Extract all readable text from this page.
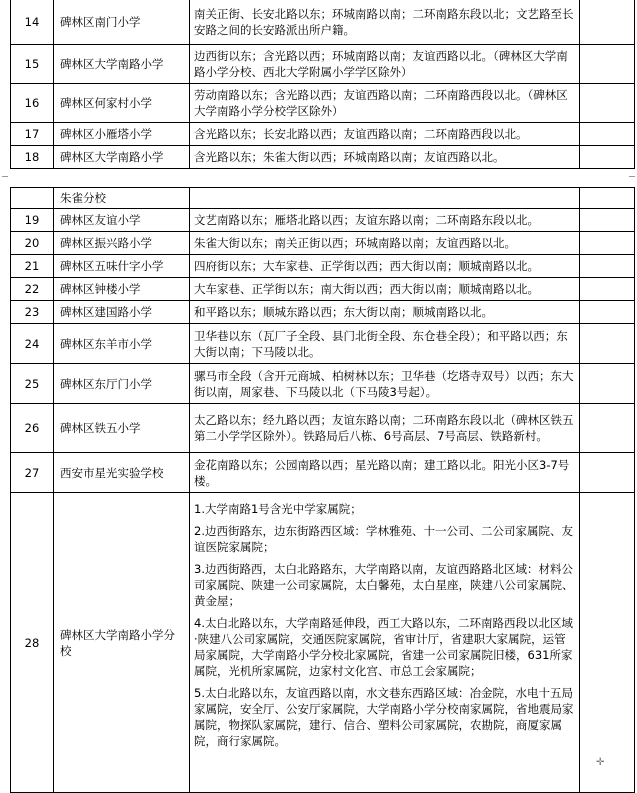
14	碑林区南门小学	南关正街、长安北路以东；环城南路以南；二环南路东段以北；文艺路至长安路之间的长安路派出所户籍。	
15	碑林区大学南路小学	边西街以东；含光路以西；环城南路以南；友谊西路以北。（碑林区大学南路小学分校、西北大学附属小学学区除外）	
16	碑林区何家村小学	劳动南路以东；含光路以西；友谊西路以南；二环南路西段以北。（碑林区大学南路小学分校学区除外）	
17	碑林区小雁塔小学	含光路以东；长安北路以西；友谊西路以南；二环南路西段以北。	
18	碑林区大学南路小学	含光路以东；朱雀大街以西；环城南路以南；友谊西路以北。	
	朱雀分校		
19	碑林区友谊小学	文艺南路以东；雁塔北路以西；友谊东路以南；二环南路东段以北。	
20	碑林区振兴路小学	朱雀大街以东；南关正街以西；环城南路以南；友谊西路以北。	
21	碑林区五味什字小学	四府街以东；大车家巷、正学街以西；西大街以南；顺城南路以北。	
22	碑林区钟楼小学	大车家巷、正学街以东；南大街以西；西大街以南；顺城南路以北。	
23	碑林区建国路小学	和平路以东；顺城东路以西；东大街以南；顺城南路以北。	
24	碑林区东羊市小学	卫华巷以东（瓦厂子全段、县门北街全段、东仓巷全段）；和平路以西；东大街以南；下马陵以北。	
25	碑林区东厅门小学	骡马市全段（含开元商城、柏树林以东；卫华巷（圪塔寺双号）以西；东大街以南，周家巷、下马陵以北（下马陵3号起）。	
26	碑林区铁五小学	太乙路以东；经九路以西；友谊东路以南；二环南路东段以北（碑林区铁五第二小学学区除外）。铁路局后八栋、6号高层、7号高层、铁路新村。	
27	西安市星光实验学校	金花南路以东；公园南路以西；星光路以南；建工路以北。阳光小区3-7号楼。	
28	碑林区大学南路小学分校	1.大学南路1号含光中学家属院；
2.边西街路东，边东街路西区域：学林雅苑、十一公司、二公司家属院、友谊医院家属院；
3.边西街路西，太白北路路东，大学南路以南，友谊西路路北区域：材料公司家属院、陕建一公司家属院，太白馨苑，太白星座，陕建八公司家属院、黄金屋；
4.太白北路以东，大学南路延伸段，西工大路以东，二环南路西段以北区域·陕建八公司家属院，交通医院家属院，省审计厅，省建职大家属院，运管局家属院，大学南路小学分校北家属院，省建一公司家属院旧楼，631所家属院，光机所家属院，边家村文化宫、市总工会家属院；
5.太白北路以东，友谊西路以南，水文巷东西路区域：冶金院，水电十五局家属院，安全厅、公安厅家属院，大学南路小学分校南家属院，省地震局家属院，物探队家属院，建行、信合、塑料公司家属院，农勘院，商厦家属院，商行家属院。	

✛
